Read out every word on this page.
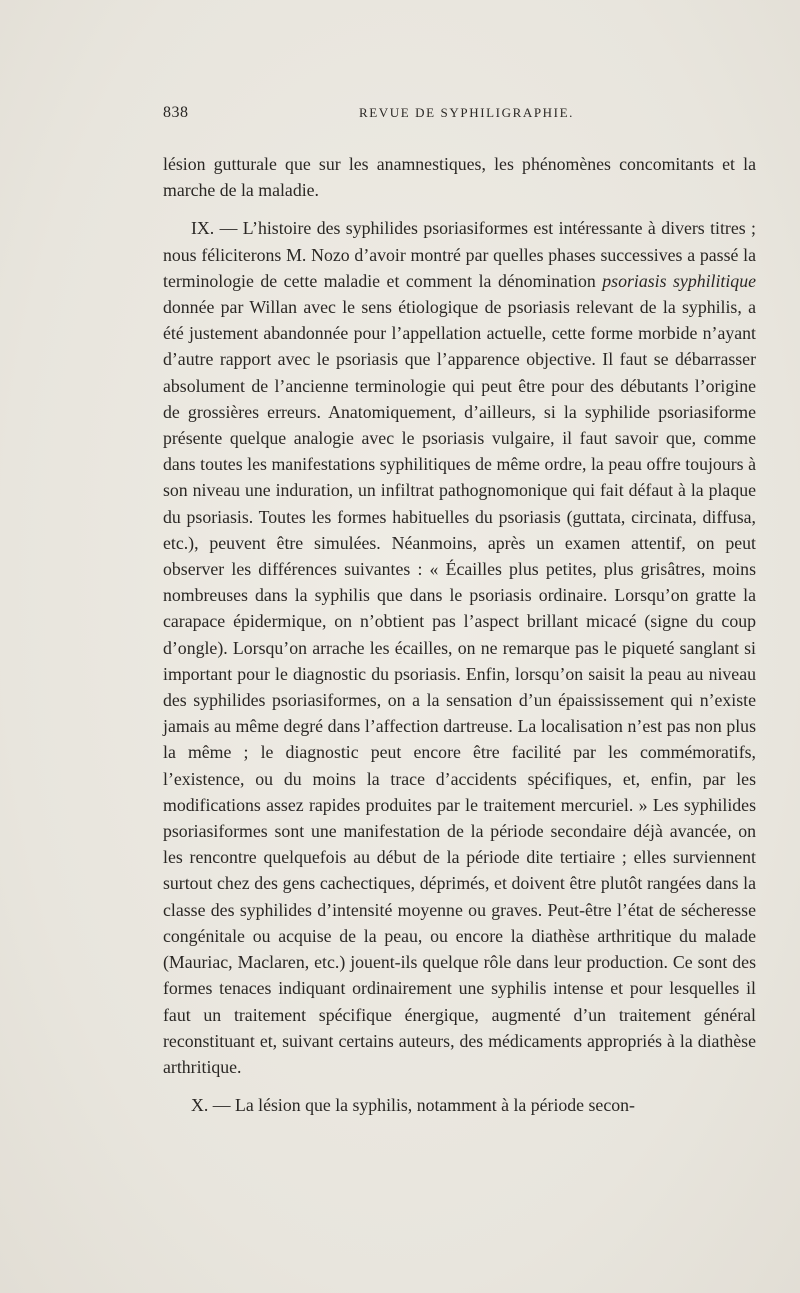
838	REVUE DE SYPHILIGRAPHIE.

lésion gutturale que sur les anamnestiques, les phénomènes concomitants et la marche de la maladie.

IX. — L’histoire des syphilides psoriasiformes est intéressante à divers titres ; nous féliciterons M. Nozo d’avoir montré par quelles phases successives a passé la terminologie de cette maladie et comment la dénomination psoriasis syphilitique donnée par Willan avec le sens étiologique de psoriasis relevant de la syphilis, a été justement abandonnée pour l’appellation actuelle, cette forme morbide n’ayant d’autre rapport avec le psoriasis que l’apparence objective. Il faut se débarrasser absolument de l’ancienne terminologie qui peut être pour des débutants l’origine de grossières erreurs. Anatomiquement, d’ailleurs, si la syphilide psoriasiforme présente quelque analogie avec le psoriasis vulgaire, il faut savoir que, comme dans toutes les manifestations syphilitiques de même ordre, la peau offre toujours à son niveau une induration, un infiltrat pathognomonique qui fait défaut à la plaque du psoriasis. Toutes les formes habituelles du psoriasis (guttata, circinata, diffusa, etc.), peuvent être simulées. Néanmoins, après un examen attentif, on peut observer les différences suivantes : « Écailles plus petites, plus grisâtres, moins nombreuses dans la syphilis que dans le psoriasis ordinaire. Lorsqu’on gratte la carapace épidermique, on n’obtient pas l’aspect brillant micacé (signe du coup d’ongle). Lorsqu’on arrache les écailles, on ne remarque pas le piqueté sanglant si important pour le diagnostic du psoriasis. Enfin, lorsqu’on saisit la peau au niveau des syphilides psoriasiformes, on a la sensation d’un épaississement qui n’existe jamais au même degré dans l’affection dartreuse. La localisation n’est pas non plus la même ; le diagnostic peut encore être facilité par les commémoratifs, l’existence, ou du moins la trace d’accidents spécifiques, et, enfin, par les modifications assez rapides produites par le traitement mercuriel. » Les syphilides psoriasiformes sont une manifestation de la période secondaire déjà avancée, on les rencontre quelquefois au début de la période dite tertiaire ; elles surviennent surtout chez des gens cachectiques, déprimés, et doivent être plutôt rangées dans la classe des syphilides d’intensité moyenne ou graves. Peut-être l’état de sécheresse congénitale ou acquise de la peau, ou encore la diathèse arthritique du malade (Mauriac, Maclaren, etc.) jouent-ils quelque rôle dans leur production. Ce sont des formes tenaces indiquant ordinairement une syphilis intense et pour lesquelles il faut un traitement spécifique énergique, augmenté d’un traitement général reconstituant et, suivant certains auteurs, des médicaments appropriés à la diathèse arthritique.

X. — La lésion que la syphilis, notamment à la période secon-
